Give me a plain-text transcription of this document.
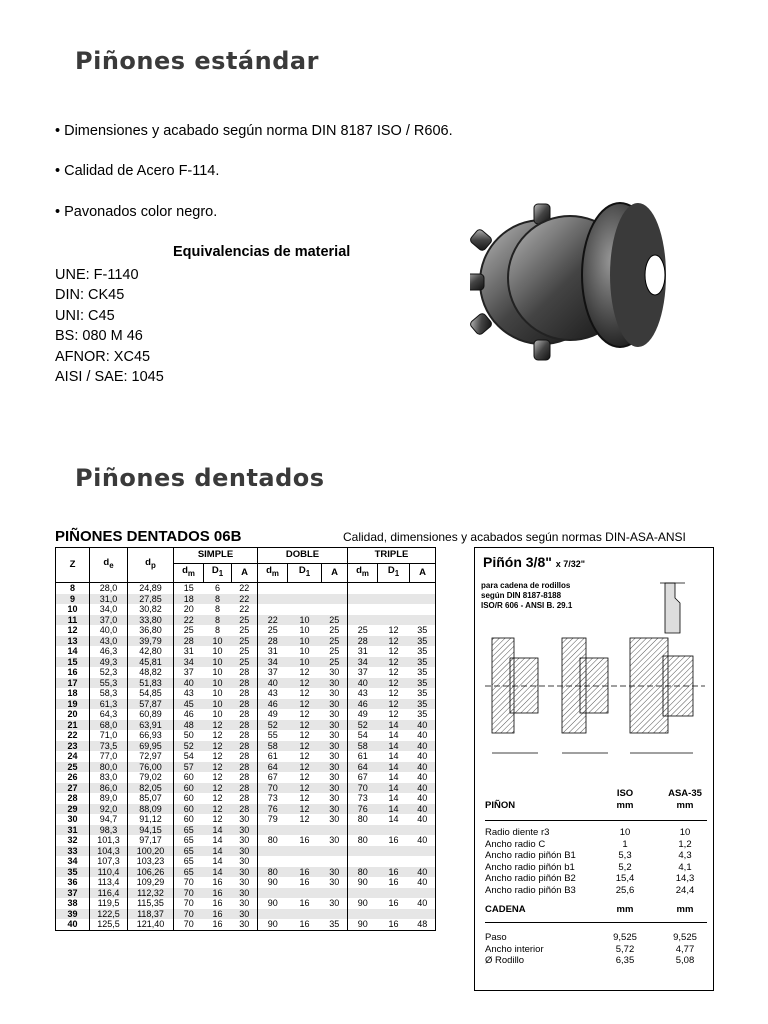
Piñones estándar
• Dimensiones y acabado según norma DIN 8187 ISO / R606.
• Calidad de Acero F-114.
• Pavonados color negro.
Equivalencias de material
UNE: F-1140
DIN: CK45
UNI: C45
BS: 080 M 46
AFNOR: XC45
AISI / SAE: 1045
Piñones dentados
PIÑONES DENTADOS 06B	Calidad, dimensiones y acabados según normas DIN-ASA-ANSI
Z	$d_e$	$d_p$	SIMPLE			DOBLE			TRIPLE		
			$d_m$	$D_1$	A	$d_m$	$D_1$	A	$d_m$	$D_1$	A
8	28,0	24,89	15	6	22						
9	31,0	27,85	18	8	22						
10	34,0	30,82	20	8	22						
11	37,0	33,80	22	8	25	22	10	25			
12	40,0	36,80	25	8	25	25	10	25	25	12	35
13	43,0	39,79	28	10	25	28	10	25	28	12	35
14	46,3	42,80	31	10	25	31	10	25	31	12	35
15	49,3	45,81	34	10	25	34	10	25	34	12	35
16	52,3	48,82	37	10	28	37	12	30	37	12	35
17	55,3	51,83	40	10	28	40	12	30	40	12	35
18	58,3	54,85	43	10	28	43	12	30	43	12	35
19	61,3	57,87	45	10	28	46	12	30	46	12	35
20	64,3	60,89	46	10	28	49	12	30	49	12	35
21	68,0	63,91	48	12	28	52	12	30	52	14	40
22	71,0	66,93	50	12	28	55	12	30	54	14	40
23	73,5	69,95	52	12	28	58	12	30	58	14	40
24	77,0	72,97	54	12	28	61	12	30	61	14	40
25	80,0	76,00	57	12	28	64	12	30	64	14	40
26	83,0	79,02	60	12	28	67	12	30	67	14	40
27	86,0	82,05	60	12	28	70	12	30	70	14	40
28	89,0	85,07	60	12	28	73	12	30	73	14	40
29	92,0	88,09	60	12	28	76	12	30	76	14	40
30	94,7	91,12	60	12	30	79	12	30	80	14	40
31	98,3	94,15	65	14	30						
32	101,3	97,17	65	14	30	80	16	30	80	16	40
33	104,3	100,20	65	14	30						
34	107,3	103,23	65	14	30						
35	110,4	106,26	65	14	30	80	16	30	80	16	40
36	113,4	109,29	70	16	30	90	16	30	90	16	40
37	116,4	112,32	70	16	30						
38	119,5	115,35	70	16	30	90	16	30	90	16	40
39	122,5	118,37	70	16	30						
40	125,5	121,40	70	16	30	90	16	35	90	16	48
Piñón 3/8" x 7/32"
para cadena de rodillos
según DIN 8187-8188
ISO/R 606 - ANSI B. 29.1
PIÑON
ISO
mm
ASA-35
mm
Radio diente r3	10	10
Ancho radio C	1	1,2
Ancho radio piñón B1	5,3	4,3
Ancho radio piñón b1	5,2	4,1
Ancho radio piñón B2	15,4	14,3
Ancho radio piñón B3	25,6	24,4
CADENA	mm	mm
Paso	9,525	9,525
Ancho interior	5,72	4,77
Ø Rodillo	6,35	5,08
